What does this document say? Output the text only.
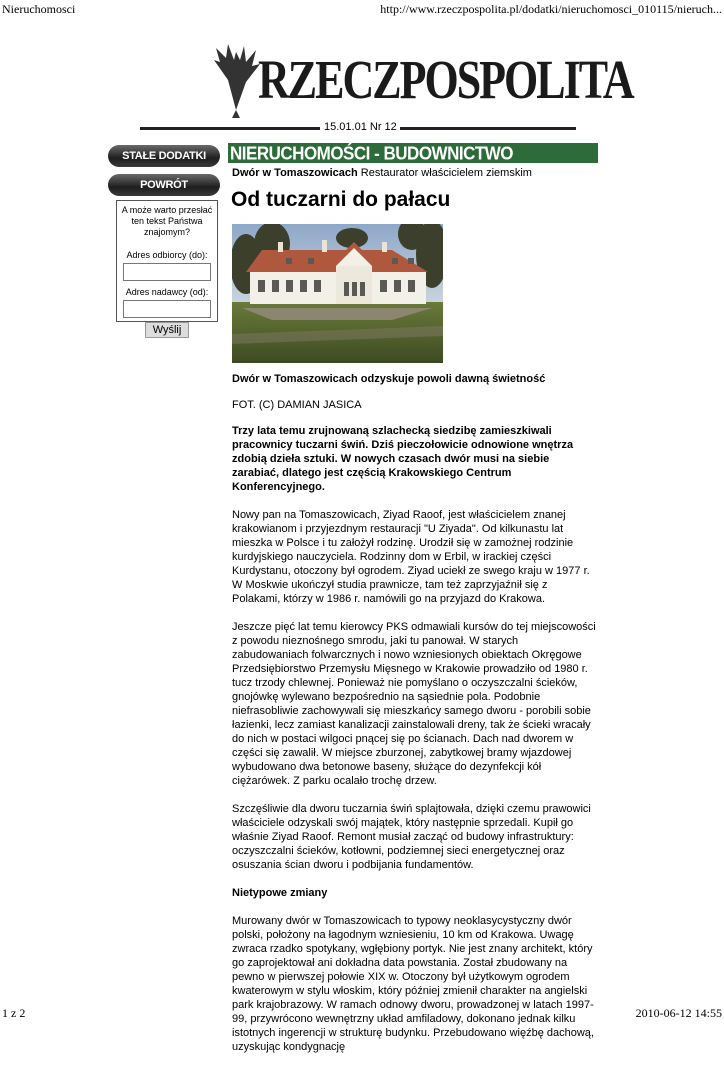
Nieruchomosci	http://www.rzeczpospolita.pl/dodatki/nieruchomosci_010115/nieruch...
RZECZPOSPOLITA
15.01.01 Nr 12
STAŁE DODATKI
POWRÓT
A może warto przesłać ten tekst Państwa znajomym?
Adres odbiorcy (do):
Adres nadawcy (od):
Wyślij
NIERUCHOMOŚCI - BUDOWNICTWO
Dwór w Tomaszowicach Restaurator właścicielem ziemskim
Od tuczarni do pałacu

Dwór w Tomaszowicach odzyskuje powoli dawną świetność

FOT. (C) DAMIAN JASICA

Trzy lata temu zrujnowaną szlachecką siedzibę zamieszkiwali pracownicy tuczarni świń. Dziś pieczołowicie odnowione wnętrza zdobią dzieła sztuki. W nowych czasach dwór musi na siebie zarabiać, dlatego jest częścią Krakowskiego Centrum Konferencyjnego.

Nowy pan na Tomaszowicach, Ziyad Raoof, jest właścicielem znanej krakowianom i przyjezdnym restauracji "U Ziyada". Od kilkunastu lat mieszka w Polsce i tu założył rodzinę. Urodził się w zamożnej rodzinie kurdyjskiego nauczyciela. Rodzinny dom w Erbil, w irackiej części Kurdystanu, otoczony był ogrodem. Ziyad uciekł ze swego kraju w 1977 r. W Moskwie ukończył studia prawnicze, tam też zaprzyjaźnił się z Polakami, którzy w 1986 r. namówili go na przyjazd do Krakowa.

Jeszcze pięć lat temu kierowcy PKS odmawiali kursów do tej miejscowości z powodu nieznośnego smrodu, jaki tu panował. W starych zabudowaniach folwarcznych i nowo wzniesionych obiektach Okręgowe Przedsiębiorstwo Przemysłu Mięsnego w Krakowie prowadziło od 1980 r. tucz trzody chlewnej. Ponieważ nie pomyślano o oczyszczalni ścieków, gnojówkę wylewano bezpośrednio na sąsiednie pola. Podobnie niefrasobliwie zachowywali się mieszkańcy samego dworu - porobili sobie łazienki, lecz zamiast kanalizacji zainstalowali dreny, tak że ścieki wracały do nich w postaci wilgoci pnącej się po ścianach. Dach nad dworem w części się zawalił. W miejsce zburzonej, zabytkowej bramy wjazdowej wybudowano dwa betonowe baseny, służące do dezynfekcji kół ciężarówek. Z parku ocalało trochę drzew.

Szczęśliwie dla dworu tuczarnia świń splajtowała, dzięki czemu prawowici właściciele odzyskali swój majątek, który następnie sprzedali. Kupił go właśnie Ziyad Raoof. Remont musiał zacząć od budowy infrastruktury: oczyszczalni ścieków, kotłowni, podziemnej sieci energetycznej oraz osuszania ścian dworu i podbijania fundamentów.

Nietypowe zmiany

Murowany dwór w Tomaszowicach to typowy neoklasycystyczny dwór polski, położony na łagodnym wzniesieniu, 10 km od Krakowa. Uwagę zwraca rzadko spotykany, wgłębiony portyk. Nie jest znany architekt, który go zaprojektował ani dokładna data powstania. Został zbudowany na pewno w pierwszej połowie XIX w. Otoczony był użytkowym ogrodem kwaterowym w stylu włoskim, który później zmienił charakter na angielski park krajobrazowy. W ramach odnowy dworu, prowadzonej w latach 1997-99, przywrócono wewnętrzny układ amfiladowy, dokonano jednak kilku istotnych ingerencji w strukturę budynku. Przebudowano więźbę dachową, uzyskując kondygnację

1 z 2	2010-06-12 14:55
